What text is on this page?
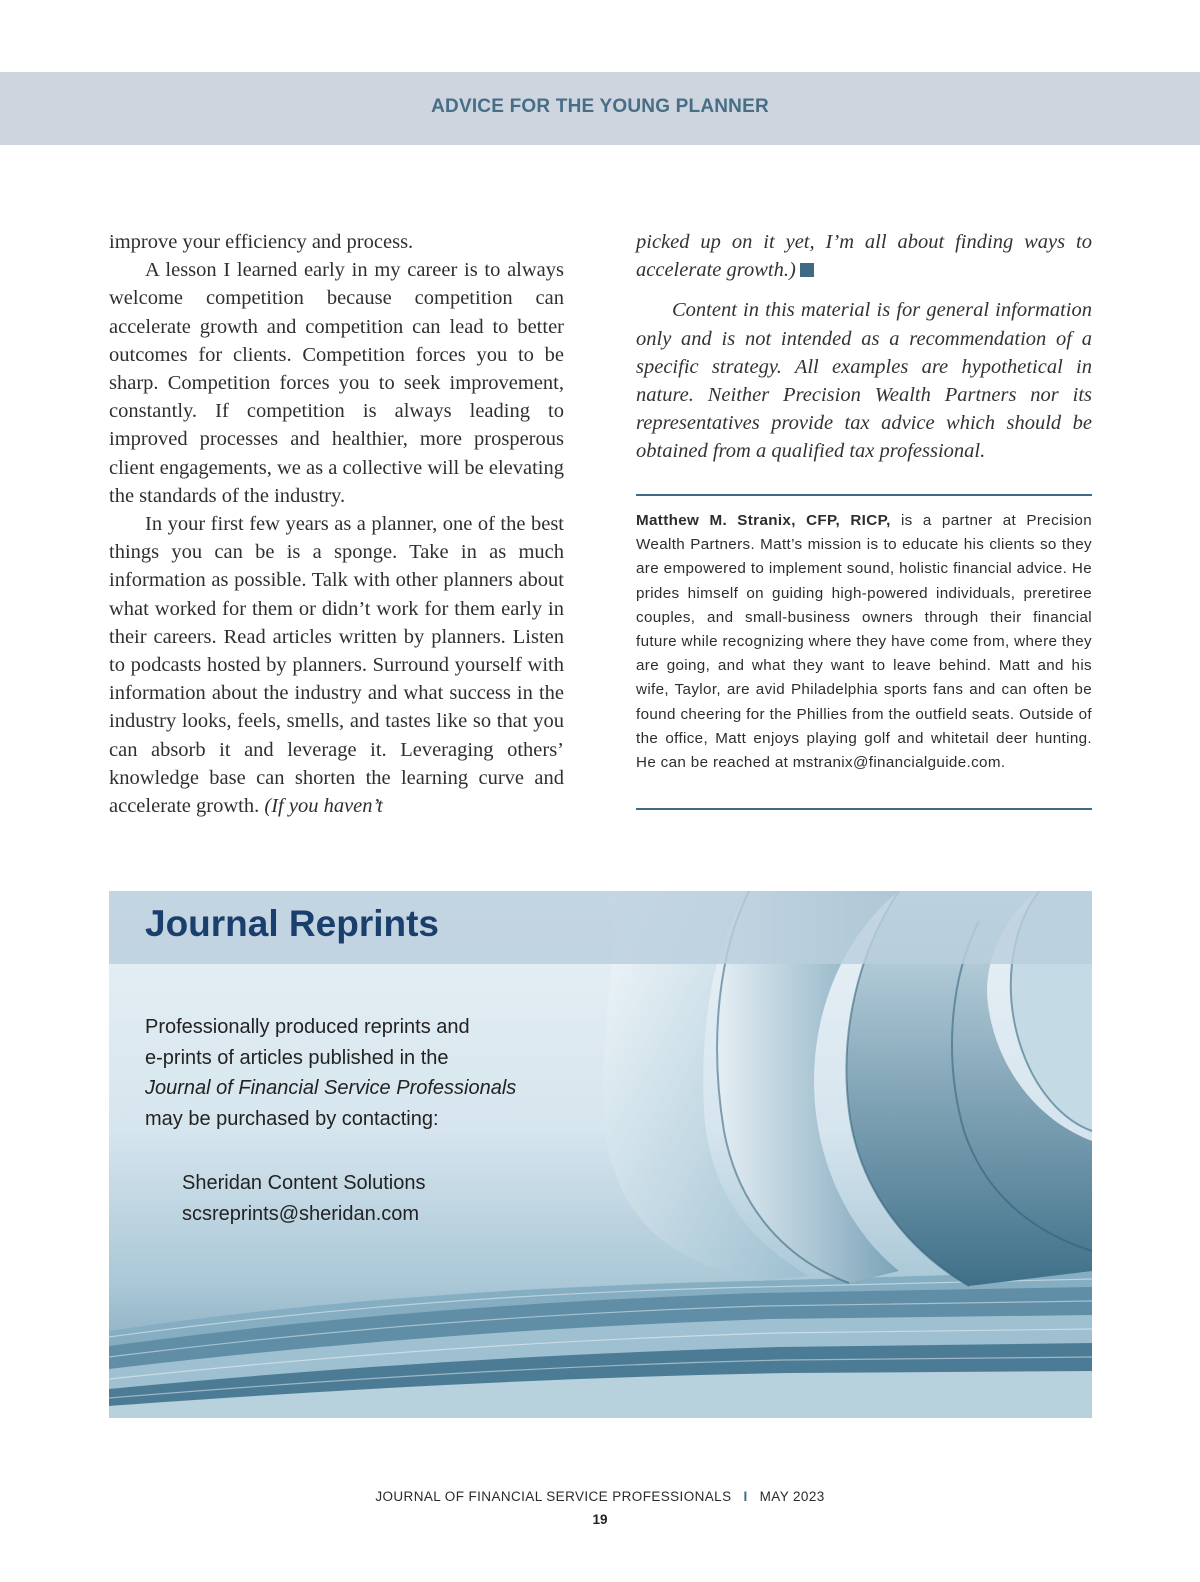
ADVICE FOR THE YOUNG PLANNER

improve your efficiency and process.

A lesson I learned early in my career is to always welcome competition because competition can accelerate growth and competition can lead to better outcomes for clients. Competition forces you to be sharp. Competition forces you to seek improvement, constantly. If competition is always leading to improved processes and healthier, more prosperous client engagements, we as a collective will be elevating the standards of the industry.

In your first few years as a planner, one of the best things you can be is a sponge. Take in as much information as possible. Talk with other planners about what worked for them or didn’t work for them early in their careers. Read articles written by planners. Listen to podcasts hosted by planners. Surround yourself with information about the industry and what success in the industry looks, feels, smells, and tastes like so that you can absorb it and leverage it. Leveraging others’ knowledge base can shorten the learning curve and accelerate growth. (If you haven’t

picked up on it yet, I’m all about finding ways to accelerate growth.)

Content in this material is for general information only and is not intended as a recommendation of a specific strategy. All examples are hypothetical in nature. Neither Precision Wealth Partners nor its representatives provide tax advice which should be obtained from a qualified tax professional.

Matthew M. Stranix, CFP, RICP, is a partner at Precision Wealth Partners. Matt’s mission is to educate his clients so they are empowered to implement sound, holistic financial advice. He prides himself on guiding high-powered individuals, preretiree couples, and small-business owners through their financial future while recognizing where they have come from, where they are going, and what they want to leave behind. Matt and his wife, Taylor, are avid Philadelphia sports fans and can often be found cheering for the Phillies from the outfield seats. Outside of the office, Matt enjoys playing golf and whitetail deer hunting. He can be reached at mstranix@financialguide.com.
Journal Reprints
Professionally produced reprints and
e-prints of articles published in the
Journal of Financial Service Professionals
may be purchased by contacting:
Sheridan Content Solutions
scsreprints@sheridan.com
JOURNAL OF FINANCIAL SERVICE PROFESSIONALS I MAY 2023
19
